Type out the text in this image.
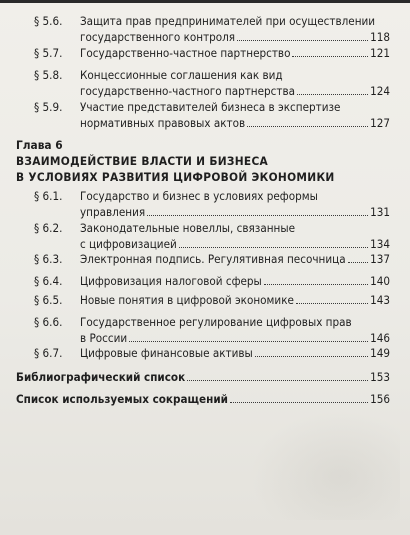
§ 5.6. Защита прав предпринимателей при осуществлении
государственного контроля	118
§ 5.7. Государственно-частное партнерство	121
§ 5.8. Концессионные соглашения как вид
государственно-частного партнерства	124
§ 5.9. Участие представителей бизнеса в экспертизе
нормативных правовых актов	127
Глава 6
ВЗАИМОДЕЙСТВИЕ ВЛАСТИ И БИЗНЕСА
В УСЛОВИЯХ РАЗВИТИЯ ЦИФРОВОЙ ЭКОНОМИКИ
§ 6.1. Государство и бизнес в условиях реформы
управления	131
§ 6.2. Законодательные новеллы, связанные
с цифровизацией	134
§ 6.3. Электронная подпись. Регулятивная песочница 137
§ 6.4. Цифровизация налоговой сферы	140
§ 6.5. Новые понятия в цифровой экономике	143
§ 6.6. Государственное регулирование цифровых прав
в России	146
§ 6.7. Цифровые финансовые активы	149
Библиографический список	153
Список используемых сокращений	156
